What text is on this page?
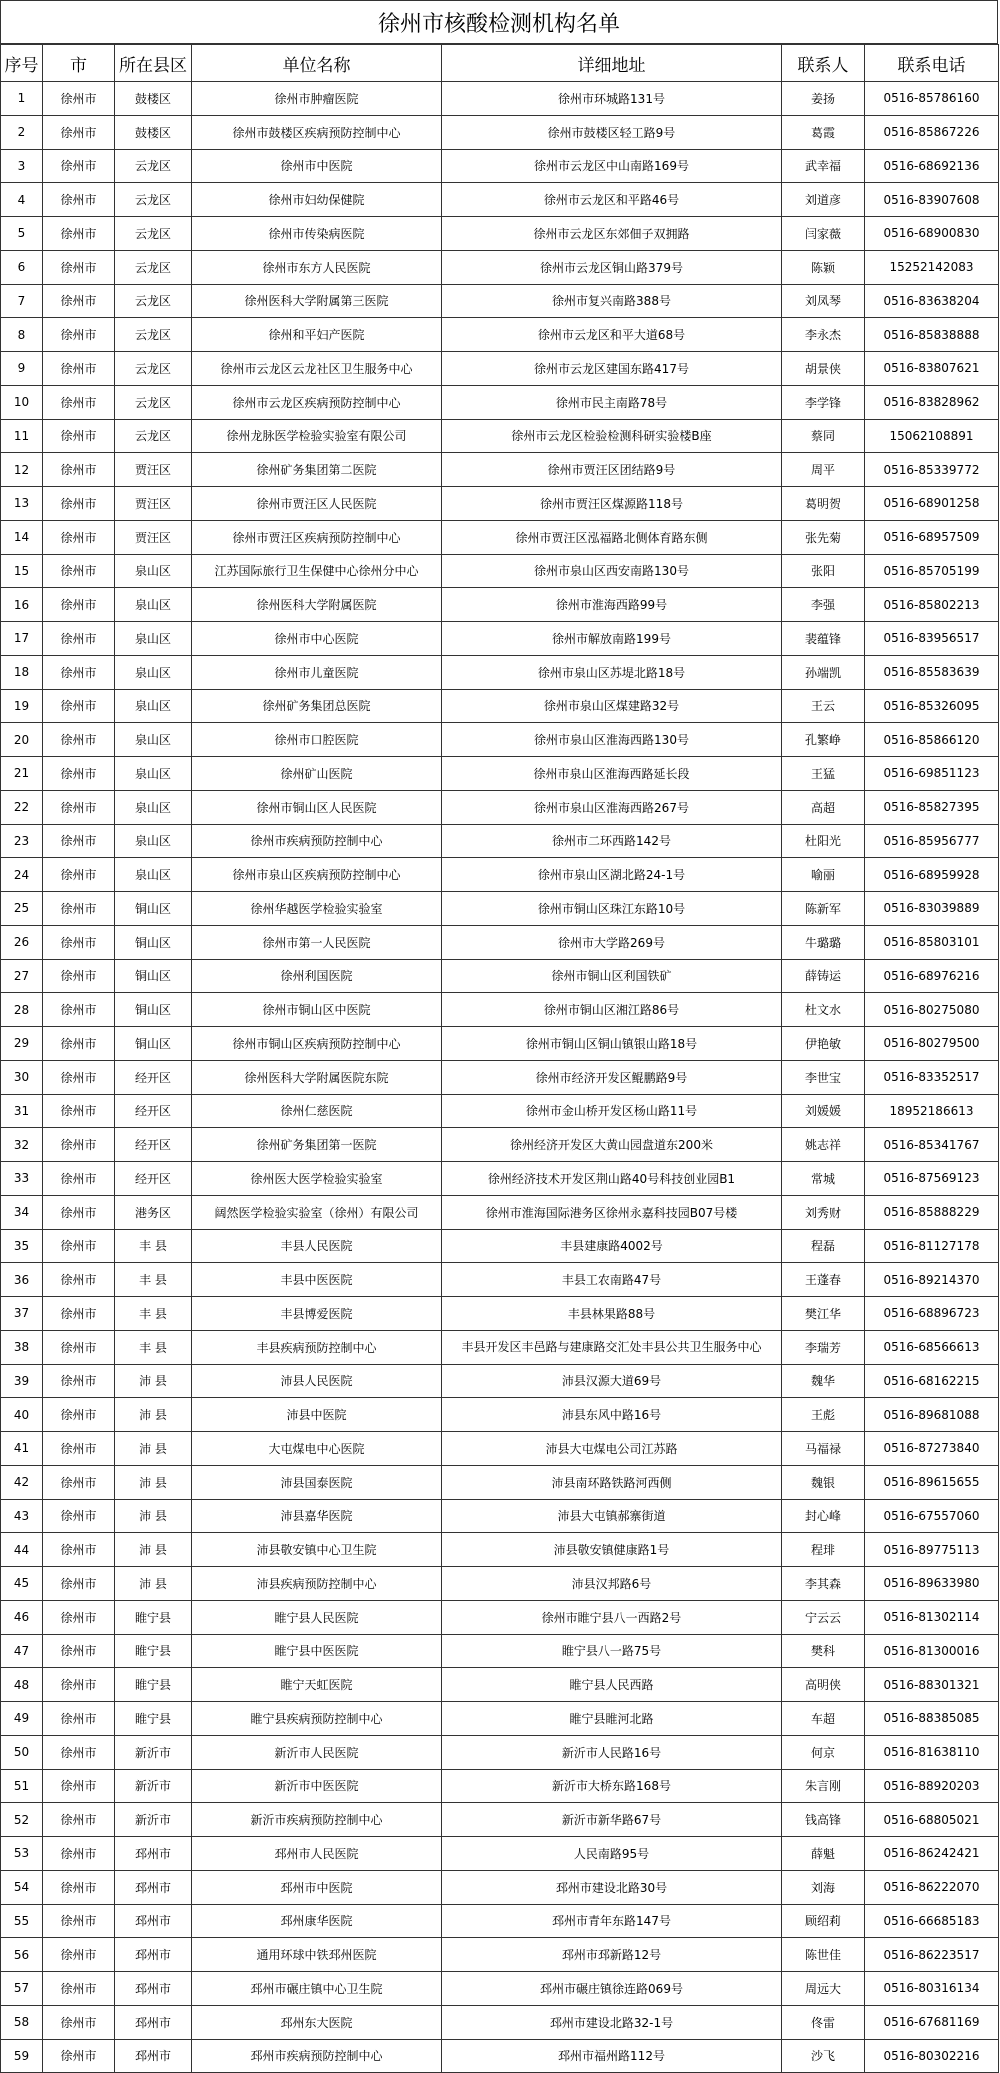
徐州市核酸检测机构名单
序号	市	所在县区	单位名称	详细地址	联系人	联系电话
1	徐州市	鼓楼区	徐州市肿瘤医院	徐州市环城路131号	姜扬	0516-85786160
2	徐州市	鼓楼区	徐州市鼓楼区疾病预防控制中心	徐州市鼓楼区轻工路9号	葛霞	0516-85867226
3	徐州市	云龙区	徐州市中医院	徐州市云龙区中山南路169号	武幸福	0516-68692136
4	徐州市	云龙区	徐州市妇幼保健院	徐州市云龙区和平路46号	刘道彦	0516-83907608
5	徐州市	云龙区	徐州市传染病医院	徐州市云龙区东郊佃子双拥路	闫家薇	0516-68900830
6	徐州市	云龙区	徐州市东方人民医院	徐州市云龙区铜山路379号	陈颖	15252142083
7	徐州市	云龙区	徐州医科大学附属第三医院	徐州市复兴南路388号	刘凤琴	0516-83638204
8	徐州市	云龙区	徐州和平妇产医院	徐州市云龙区和平大道68号	李永杰	0516-85838888
9	徐州市	云龙区	徐州市云龙区云龙社区卫生服务中心	徐州市云龙区建国东路417号	胡景侠	0516-83807621
10	徐州市	云龙区	徐州市云龙区疾病预防控制中心	徐州市民主南路78号	李学锋	0516-83828962
11	徐州市	云龙区	徐州龙脉医学检验实验室有限公司	徐州市云龙区检验检测科研实验楼B座	蔡同	15062108891
12	徐州市	贾汪区	徐州矿务集团第二医院	徐州市贾汪区团结路9号	周平	0516-85339772
13	徐州市	贾汪区	徐州市贾汪区人民医院	徐州市贾汪区煤源路118号	葛明贺	0516-68901258
14	徐州市	贾汪区	徐州市贾汪区疾病预防控制中心	徐州市贾汪区泓福路北侧体育路东侧	张先菊	0516-68957509
15	徐州市	泉山区	江苏国际旅行卫生保健中心徐州分中心	徐州市泉山区西安南路130号	张阳	0516-85705199
16	徐州市	泉山区	徐州医科大学附属医院	徐州市淮海西路99号	李强	0516-85802213
17	徐州市	泉山区	徐州市中心医院	徐州市解放南路199号	裴蕴锋	0516-83956517
18	徐州市	泉山区	徐州市儿童医院	徐州市泉山区苏堤北路18号	孙端凯	0516-85583639
19	徐州市	泉山区	徐州矿务集团总医院	徐州市泉山区煤建路32号	王云	0516-85326095
20	徐州市	泉山区	徐州市口腔医院	徐州市泉山区淮海西路130号	孔繁峥	0516-85866120
21	徐州市	泉山区	徐州矿山医院	徐州市泉山区淮海西路延长段	王猛	0516-69851123
22	徐州市	泉山区	徐州市铜山区人民医院	徐州市泉山区淮海西路267号	高超	0516-85827395
23	徐州市	泉山区	徐州市疾病预防控制中心	徐州市二环西路142号	杜阳光	0516-85956777
24	徐州市	泉山区	徐州市泉山区疾病预防控制中心	徐州市泉山区湖北路24-1号	喻丽	0516-68959928
25	徐州市	铜山区	徐州华越医学检验实验室	徐州市铜山区珠江东路10号	陈新军	0516-83039889
26	徐州市	铜山区	徐州市第一人民医院	徐州市大学路269号	牛璐璐	0516-85803101
27	徐州市	铜山区	徐州利国医院	徐州市铜山区利国铁矿	薛铸运	0516-68976216
28	徐州市	铜山区	徐州市铜山区中医院	徐州市铜山区湘江路86号	杜文水	0516-80275080
29	徐州市	铜山区	徐州市铜山区疾病预防控制中心	徐州市铜山区铜山镇银山路18号	伊艳敏	0516-80279500
30	徐州市	经开区	徐州医科大学附属医院东院	徐州市经济开发区鲲鹏路9号	李世宝	0516-83352517
31	徐州市	经开区	徐州仁慈医院	徐州市金山桥开发区杨山路11号	刘媛媛	18952186613
32	徐州市	经开区	徐州矿务集团第一医院	徐州经济开发区大黄山园盘道东200米	姚志祥	0516-85341767
33	徐州市	经开区	徐州医大医学检验实验室	徐州经济技术开发区荆山路40号科技创业园B1	常城	0516-87569123
34	徐州市	港务区	阔然医学检验实验室（徐州）有限公司	徐州市淮海国际港务区徐州永嘉科技园B07号楼	刘秀财	0516-85888229
35	徐州市	丰 县	丰县人民医院	丰县建康路4002号	程磊	0516-81127178
36	徐州市	丰 县	丰县中医医院	丰县工农南路47号	王蓬春	0516-89214370
37	徐州市	丰 县	丰县博爱医院	丰县林果路88号	樊江华	0516-68896723
38	徐州市	丰 县	丰县疾病预防控制中心	丰县开发区丰邑路与建康路交汇处丰县公共卫生服务中心	李瑞芳	0516-68566613
39	徐州市	沛 县	沛县人民医院	沛县汉源大道69号	魏华	0516-68162215
40	徐州市	沛 县	沛县中医院	沛县东风中路16号	王彪	0516-89681088
41	徐州市	沛 县	大屯煤电中心医院	沛县大屯煤电公司江苏路	马福禄	0516-87273840
42	徐州市	沛 县	沛县国泰医院	沛县南环路铁路河西侧	魏银	0516-89615655
43	徐州市	沛 县	沛县嘉华医院	沛县大屯镇郝寨街道	封心峰	0516-67557060
44	徐州市	沛 县	沛县敬安镇中心卫生院	沛县敬安镇健康路1号	程琲	0516-89775113
45	徐州市	沛 县	沛县疾病预防控制中心	沛县汉邦路6号	李其森	0516-89633980
46	徐州市	睢宁县	睢宁县人民医院	徐州市睢宁县八一西路2号	宁云云	0516-81302114
47	徐州市	睢宁县	睢宁县中医医院	睢宁县八一路75号	樊科	0516-81300016
48	徐州市	睢宁县	睢宁天虹医院	睢宁县人民西路	高明侠	0516-88301321
49	徐州市	睢宁县	睢宁县疾病预防控制中心	睢宁县睢河北路	车超	0516-88385085
50	徐州市	新沂市	新沂市人民医院	新沂市人民路16号	何京	0516-81638110
51	徐州市	新沂市	新沂市中医医院	新沂市大桥东路168号	朱言刚	0516-88920203
52	徐州市	新沂市	新沂市疾病预防控制中心	新沂市新华路67号	钱高锋	0516-68805021
53	徐州市	邳州市	邳州市人民医院	人民南路95号	薛魁	0516-86242421
54	徐州市	邳州市	邳州市中医院	邳州市建设北路30号	刘海	0516-86222070
55	徐州市	邳州市	邳州康华医院	邳州市青年东路147号	顾绍莉	0516-66685183
56	徐州市	邳州市	通用环球中铁邳州医院	邳州市邳新路12号	陈世佳	0516-86223517
57	徐州市	邳州市	邳州市碾庄镇中心卫生院	邳州市碾庄镇徐连路069号	周远大	0516-80316134
58	徐州市	邳州市	邳州东大医院	邳州市建设北路32-1号	佟雷	0516-67681169
59	徐州市	邳州市	邳州市疾病预防控制中心	邳州市福州路112号	沙飞	0516-80302216
